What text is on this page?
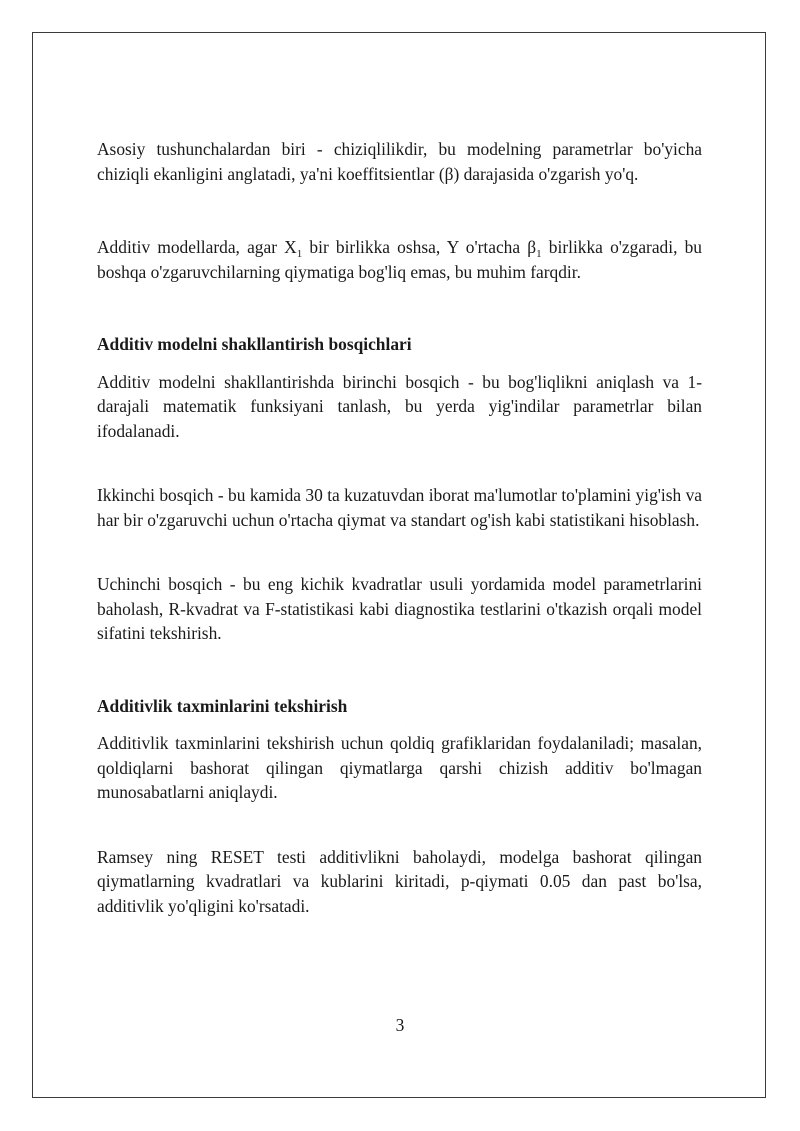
Asosiy tushunchalardan biri - chiziqlilikdir, bu modelning parametrlar bo'yicha chiziqli ekanligini anglatadi, ya'ni koeffitsientlar (β) darajasida o'zgarish yo'q.

Additiv modellarda, agar $X_1$ bir birlikka oshsa, Y o'rtacha $\beta_1$ birlikka o'zgaradi, bu boshqa o'zgaruvchilarning qiymatiga bog'liq emas, bu muhim farqdir.

Additiv modelni shakllantirish bosqichlari

Additiv modelni shakllantirishda birinchi bosqich - bu bog'liqlikni aniqlash va 1-darajali matematik funksiyani tanlash, bu yerda yig'indilar parametrlar bilan ifodalanadi.

Ikkinchi bosqich - bu kamida 30 ta kuzatuvdan iborat ma'lumotlar to'plamini yig'ish va har bir o'zgaruvchi uchun o'rtacha qiymat va standart og'ish kabi statistikani hisoblash.

Uchinchi bosqich - bu eng kichik kvadratlar usuli yordamida model parametrlarini baholash, R-kvadrat va F-statistikasi kabi diagnostika testlarini o'tkazish orqali model sifatini tekshirish.

Additivlik taxminlarini tekshirish

Additivlik taxminlarini tekshirish uchun qoldiq grafiklaridan foydalaniladi; masalan, qoldiqlarni bashorat qilingan qiymatlarga qarshi chizish additiv bo'lmagan munosabatlarni aniqlaydi.

Ramsey ning RESET testi additivlikni baholaydi, modelga bashorat qilingan qiymatlarning kvadratlari va kublarini kiritadi, p-qiymati 0.05 dan past bo'lsa, additivlik yo'qligini ko'rsatadi.

3
